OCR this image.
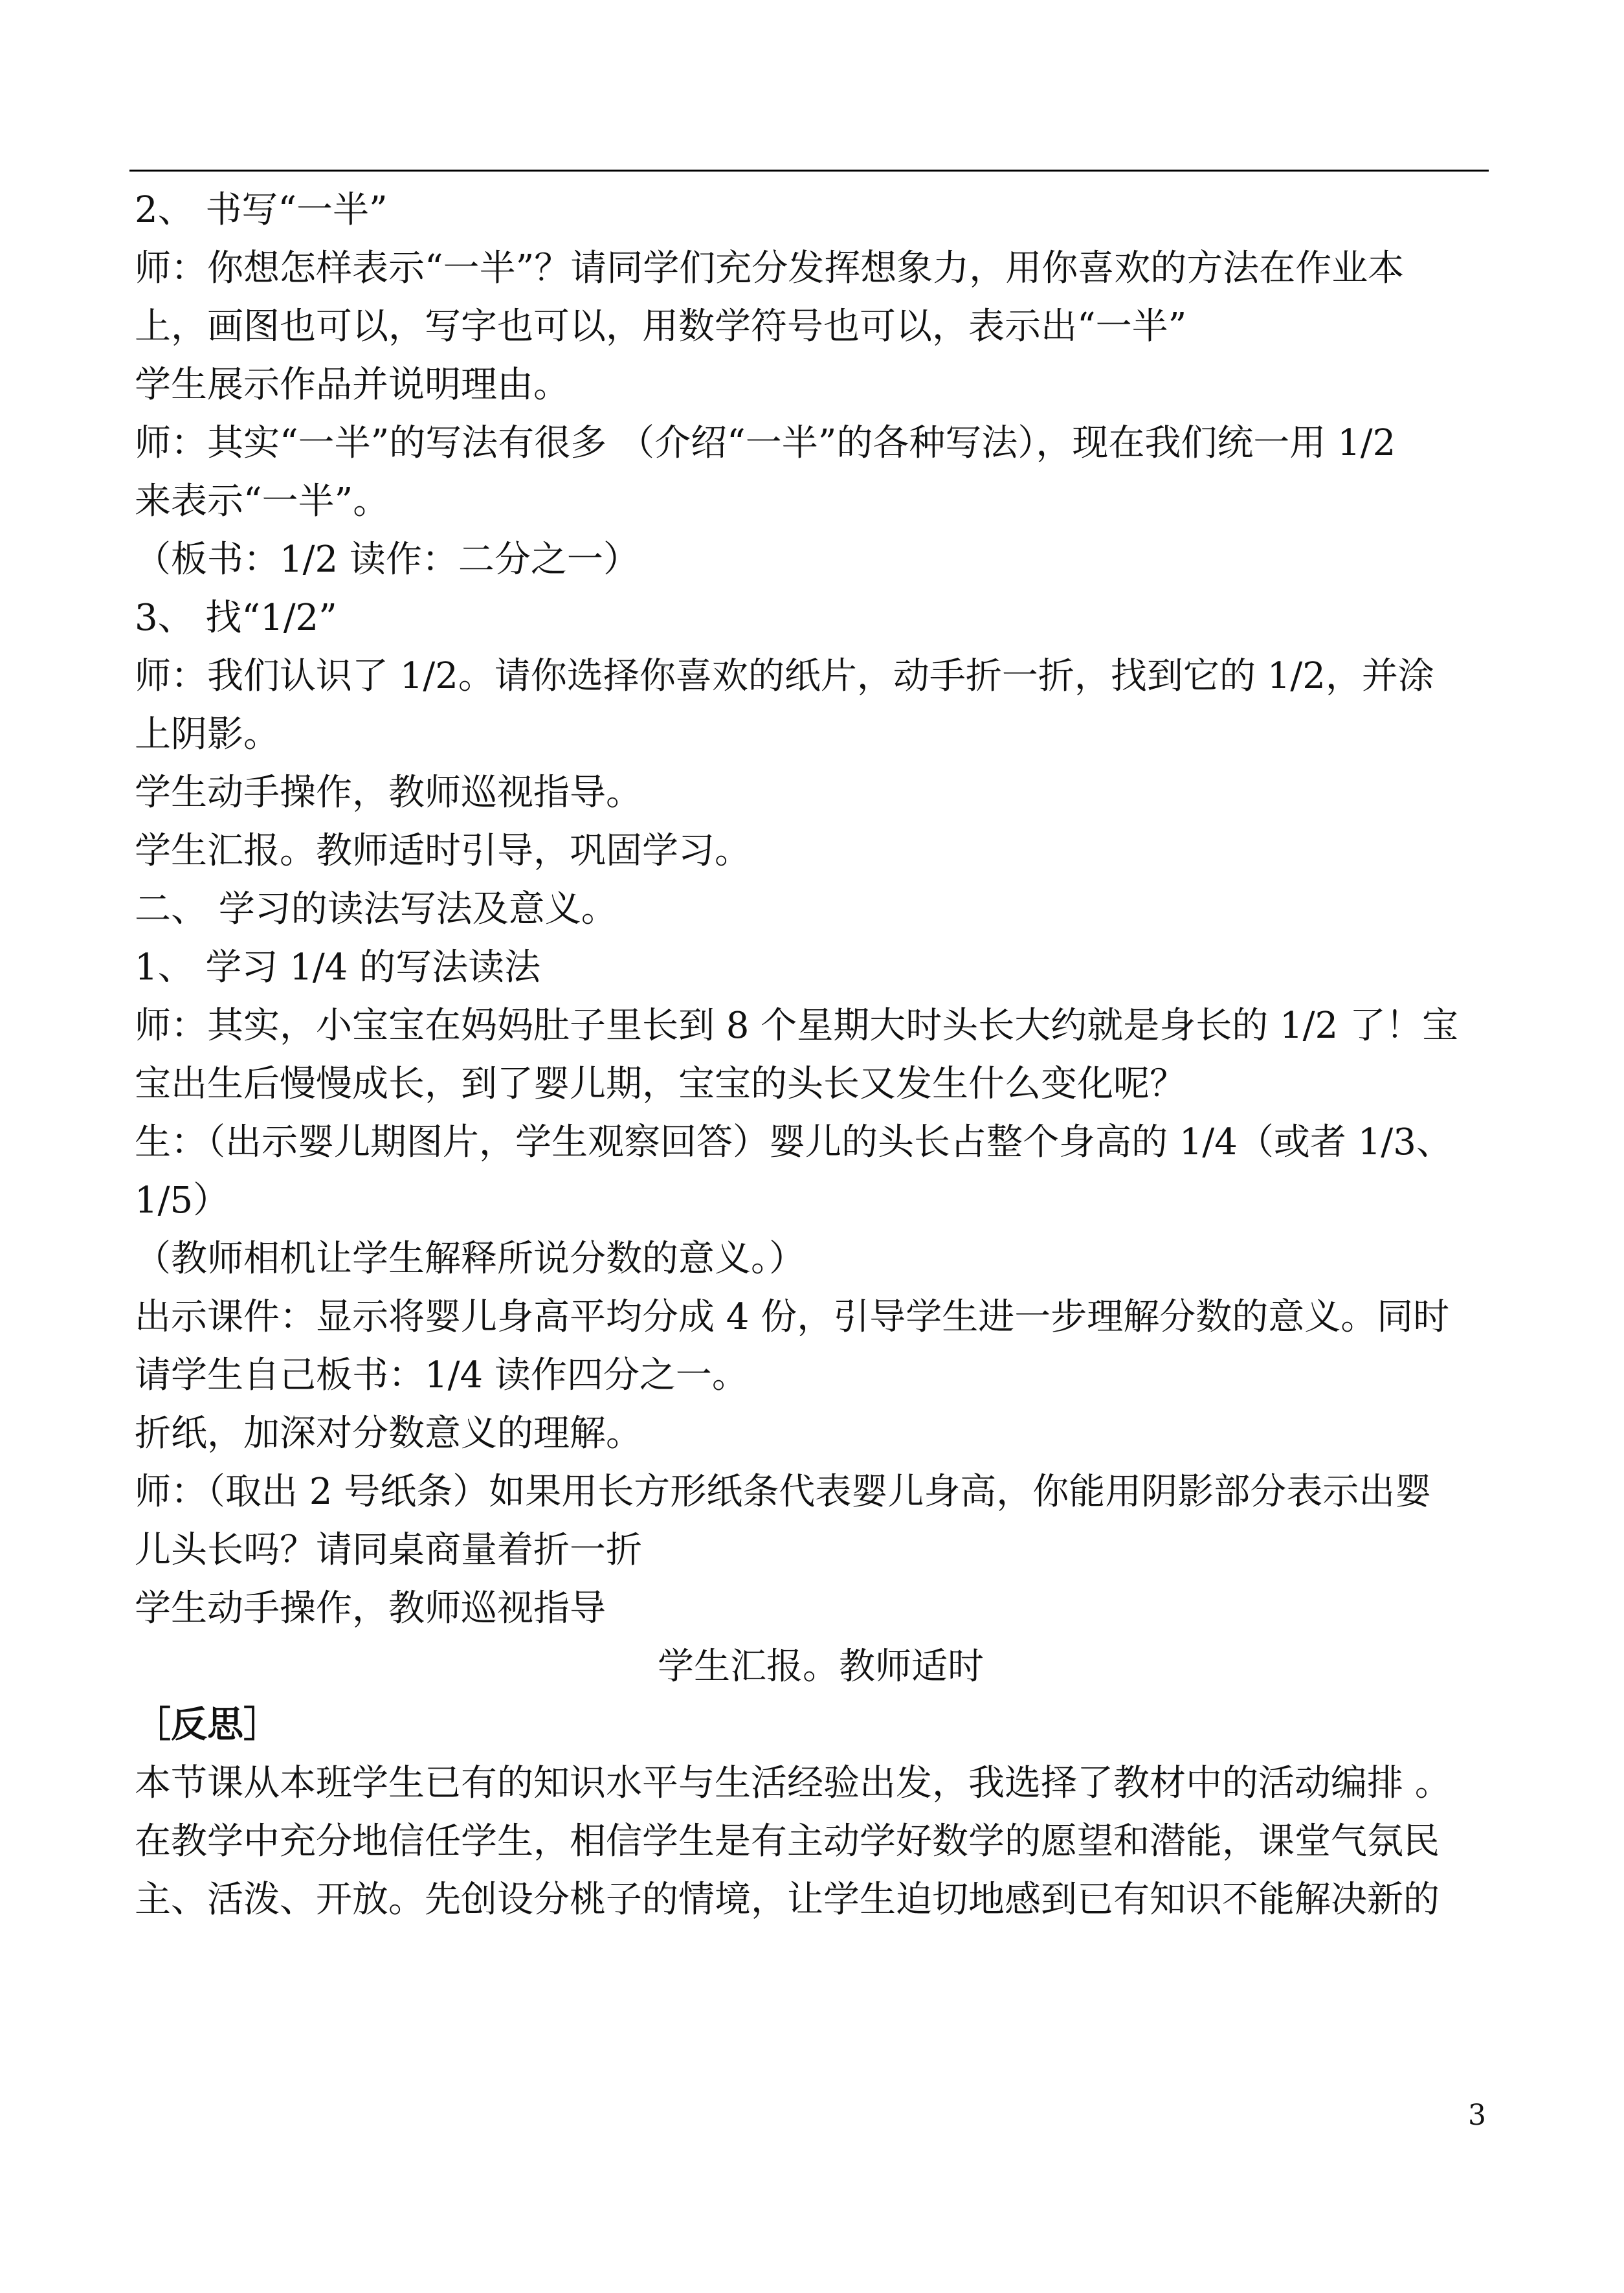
2、 书写“一半”
师：你想怎样表示“一半”？请同学们充分发挥想象力，用你喜欢的方法在作业本
上，画图也可以，写字也可以，用数学符号也可以，表示出“一半”
学生展示作品并说明理由。
师：其实“一半”的写法有很多 （介绍“一半”的各种写法），现在我们统一用 1/2
来表示“一半”。
（板书：1/2 读作：二分之一）
3、 找“1/2”
师：我们认识了 1/2。请你选择你喜欢的纸片，动手折一折，找到它的 1/2，并涂
上阴影。
学生动手操作，教师巡视指导。
学生汇报。教师适时引导，巩固学习。
二、 学习的读法写法及意义。
1、 学习 1/4 的写法读法
师：其实，小宝宝在妈妈肚子里长到 8 个星期大时头长大约就是身长的 1/2 了！宝
宝出生后慢慢成长，到了婴儿期，宝宝的头长又发生什么变化呢？
生：（出示婴儿期图片，学生观察回答）婴儿的头长占整个身高的 1/4（或者 1/3、
1/5）
（教师相机让学生解释所说分数的意义。）
出示课件：显示将婴儿身高平均分成 4 份，引导学生进一步理解分数的意义。同时
请学生自己板书：1/4 读作四分之一。
折纸，加深对分数意义的理解。
师：（取出 2 号纸条）如果用长方形纸条代表婴儿身高，你能用阴影部分表示出婴
儿头长吗？请同桌商量着折一折
学生动手操作，教师巡视指导
学生汇报。教师适时
［反思］
本节课从本班学生已有的知识水平与生活经验出发，我选择了教材中的活动编排 。
在教学中充分地信任学生，相信学生是有主动学好数学的愿望和潜能，课堂气氛民
主、活泼、开放。先创设分桃子的情境，让学生迫切地感到已有知识不能解决新的
3
